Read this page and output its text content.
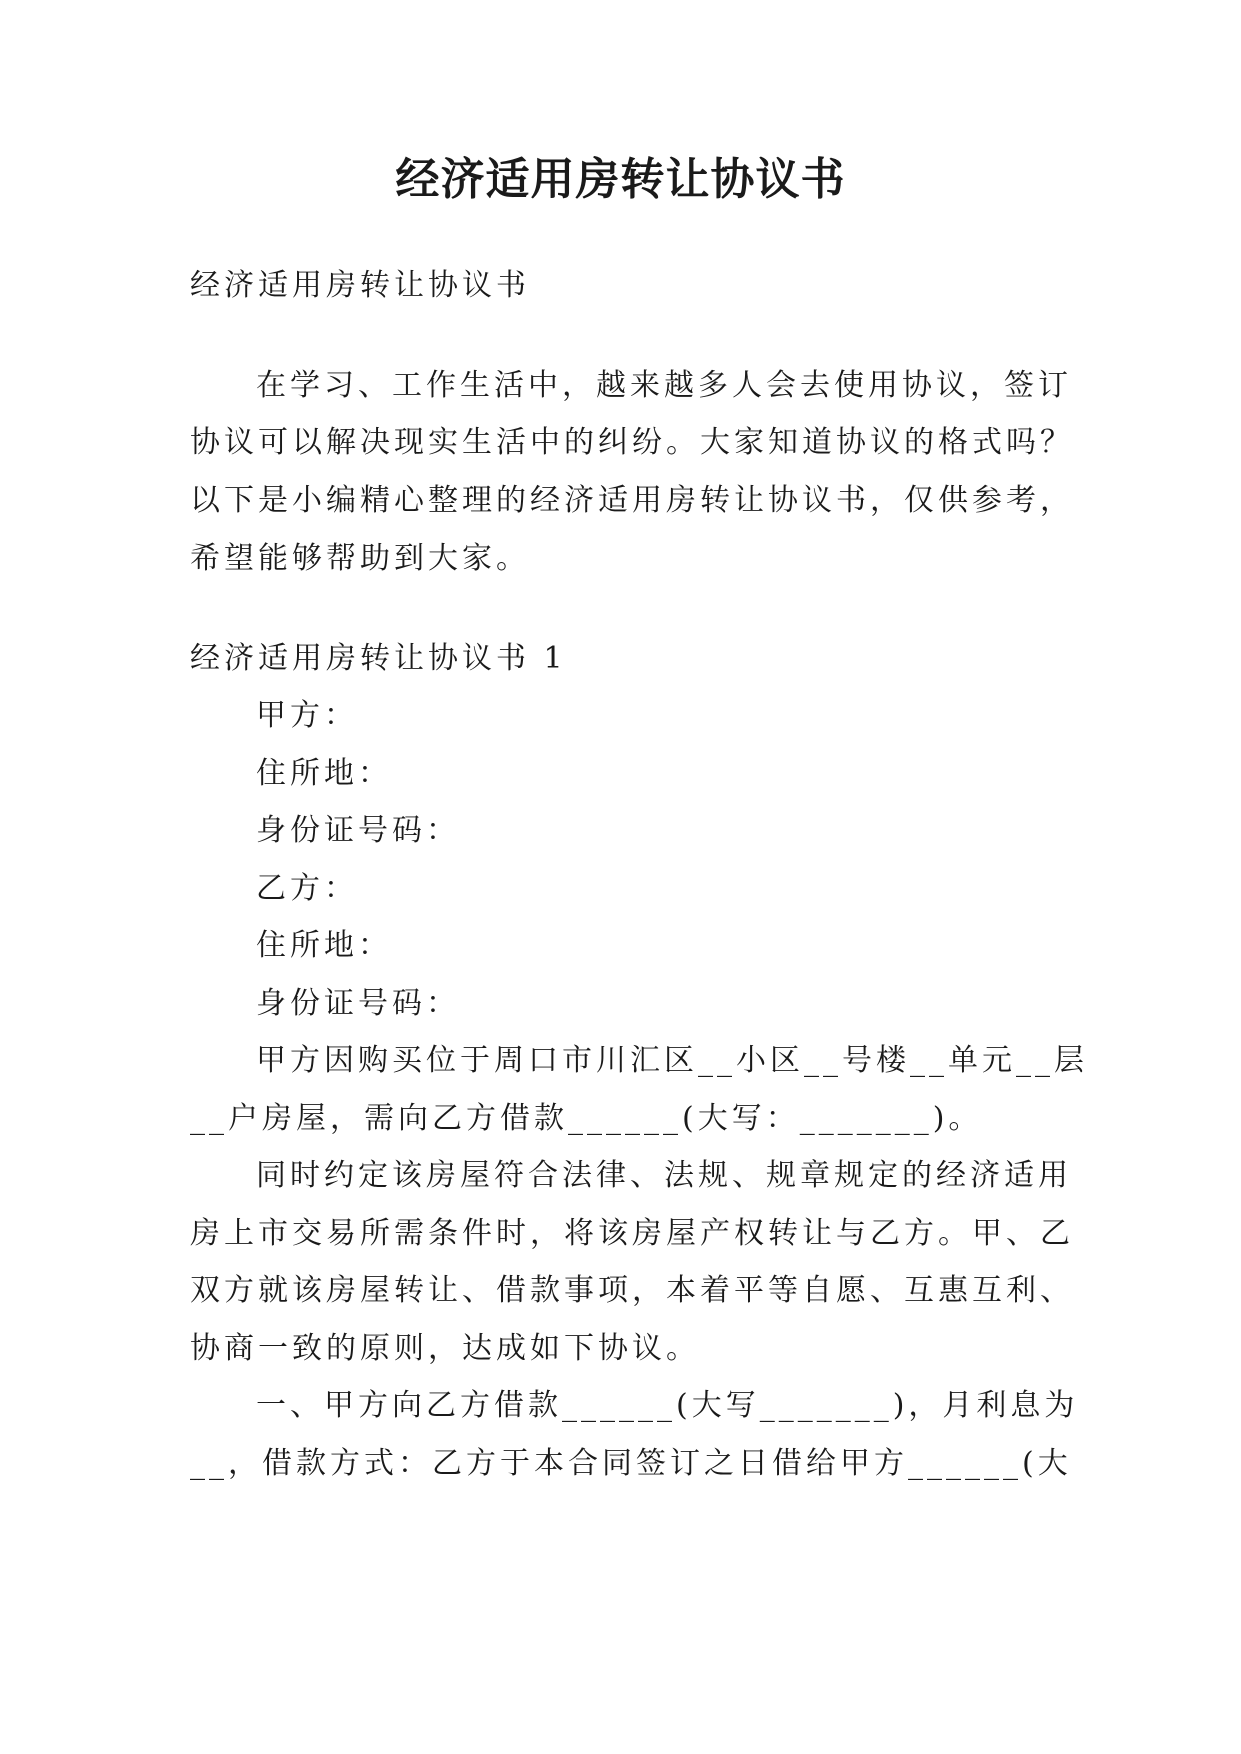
经济适用房转让协议书

经济适用房转让协议书

在学习、工作生活中，越来越多人会去使用协议，签订

协议可以解决现实生活中的纠纷。大家知道协议的格式吗？

以下是小编精心整理的经济适用房转让协议书，仅供参考，

希望能够帮助到大家。

经济适用房转让协议书 1

甲方：

住所地：

身份证号码：

乙方：

住所地：

身份证号码：

甲方因购买位于周口市川汇区__小区__号楼__单元__层

__户房屋，需向乙方借款______(大写：_______)。

同时约定该房屋符合法律、法规、规章规定的经济适用

房上市交易所需条件时，将该房屋产权转让与乙方。甲、乙

双方就该房屋转让、借款事项，本着平等自愿、互惠互利、

协商一致的原则，达成如下协议。

一、甲方向乙方借款______(大写_______)，月利息为

__，借款方式：乙方于本合同签订之日借给甲方______(大
